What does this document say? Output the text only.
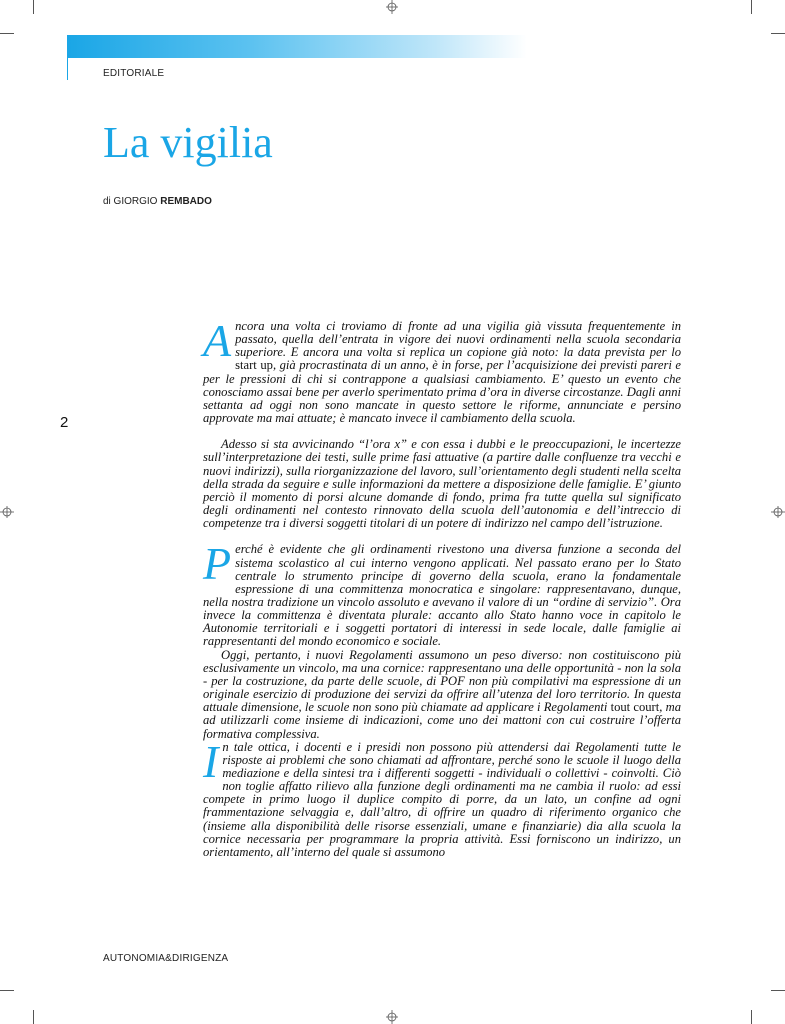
EDITORIALE
La vigilia
di GIORGIO REMBADO
2

Ancora una volta ci troviamo di fronte ad una vigilia già vissuta frequentemente in passato, quella dell’entrata in vigore dei nuovi ordinamenti nella scuola secondaria superiore. E ancora una volta si replica un copione già noto: la data prevista per lo start up, già procrastinata di un anno, è in forse, per l’acquisizione dei previsti pareri e per le pressioni di chi si contrappone a qualsiasi cambiamento. E’ questo un evento che conosciamo assai bene per averlo sperimentato prima d’ora in diverse circostanze. Dagli anni settanta ad oggi non sono mancate in questo settore le riforme, annunciate e persino approvate ma mai attuate; è mancato invece il cambiamento della scuola.

Adesso si sta avvicinando “l’ora x” e con essa i dubbi e le preoccupazioni, le incertezze sull’interpretazione dei testi, sulle prime fasi attuative (a partire dalle confluenze tra vecchi e nuovi indirizzi), sulla riorganizzazione del lavoro, sull’orientamento degli studenti nella scelta della strada da seguire e sulle informazioni da mettere a disposizione delle famiglie. E’ giunto perciò il momento di porsi alcune domande di fondo, prima fra tutte quella sul significato degli ordinamenti nel contesto rinnovato della scuola dell’autonomia e dell’intreccio di competenze tra i diversi soggetti titolari di un potere di indirizzo nel campo dell’istruzione.

Perché è evidente che gli ordinamenti rivestono una diversa funzione a seconda del sistema scolastico al cui interno vengono applicati. Nel passato erano per lo Stato centrale lo strumento principe di governo della scuola, erano la fondamentale espressione di una committenza monocratica e singolare: rappresentavano, dunque, nella nostra tradizione un vincolo assoluto e avevano il valore di un “ordine di servizio”. Ora invece la committenza è diventata plurale: accanto allo Stato hanno voce in capitolo le Autonomie territoriali e i soggetti portatori di interessi in sede locale, dalle famiglie ai rappresentanti del mondo economico e sociale.

Oggi, pertanto, i nuovi Regolamenti assumono un peso diverso: non costituiscono più esclusivamente un vincolo, ma una cornice: rappresentano una delle opportunità - non la sola - per la costruzione, da parte delle scuole, di POF non più compilativi ma espressione di un originale esercizio di produzione dei servizi da offrire all’utenza del loro territorio. In questa attuale dimensione, le scuole non sono più chiamate ad applicare i Regolamenti tout court, ma ad utilizzarli come insieme di indicazioni, come uno dei mattoni con cui costruire l’offerta formativa complessiva.

In tale ottica, i docenti e i presidi non possono più attendersi dai Regolamenti tutte le risposte ai problemi che sono chiamati ad affrontare, perché sono le scuole il luogo della mediazione e della sintesi tra i differenti soggetti - individuali o collettivi - coinvolti. Ciò non toglie affatto rilievo alla funzione degli ordinamenti ma ne cambia il ruolo: ad essi compete in primo luogo il duplice compito di porre, da un lato, un confine ad ogni frammentazione selvaggia e, dall’altro, di offrire un quadro di riferimento organico che (insieme alla disponibilità delle risorse essenziali, umane e finanziarie) dia alla scuola la cornice necessaria per programmare la propria attività. Essi forniscono un indirizzo, un orientamento, all’interno del quale si assumono

AUTONOMIA&DIRIGENZA
